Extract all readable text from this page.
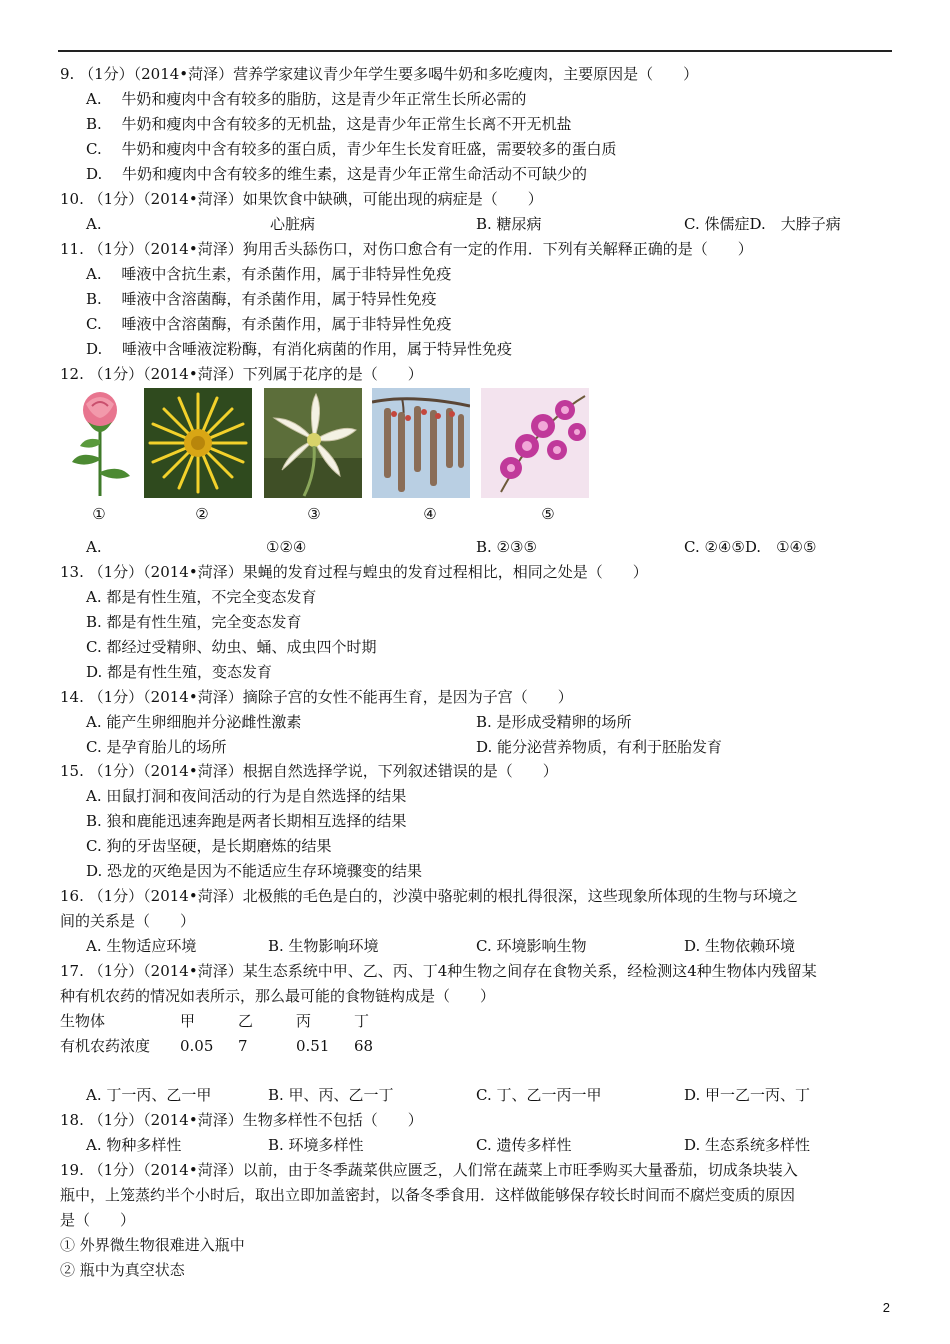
9. （1分）（2014•菏泽）营养学家建议青少年学生要多喝牛奶和多吃瘦肉，主要原因是（　　）
A.　 牛奶和瘦肉中含有较多的脂肪，这是青少年正常生长所必需的
B.　 牛奶和瘦肉中含有较多的无机盐，这是青少年正常生长离不开无机盐
C.　 牛奶和瘦肉中含有较多的蛋白质，青少年生长发育旺盛，需要较多的蛋白质
D.　 牛奶和瘦肉中含有较多的维生素，这是青少年正常生命活动不可缺少的
10. （1分）（2014•菏泽）如果饮食中缺碘，可能出现的病症是（　　）
A.	心脏病	B. 糖尿病	C. 侏儒症D.　大脖子病
11. （1分）（2014•菏泽）狗用舌头舔伤口，对伤口愈合有一定的作用．下列有关解释正确的是（　　）
A.　 唾液中含抗生素，有杀菌作用，属于非特异性免疫
B.　 唾液中含溶菌酶，有杀菌作用，属于特异性免疫
C.　 唾液中含溶菌酶，有杀菌作用，属于非特异性免疫
D.　 唾液中含唾液淀粉酶，有消化病菌的作用，属于特异性免疫
12. （1分）（2014•菏泽）下列属于花序的是（　　）
①	②	③	④	⑤
A.	①②④	B. ②③⑤	C. ②④⑤D.　①④⑤
13. （1分）（2014•菏泽）果蝇的发育过程与蝗虫的发育过程相比，相同之处是（　　）
A. 都是有性生殖，不完全变态发育
B. 都是有性生殖，完全变态发育
C. 都经过受精卵、幼虫、蛹、成虫四个时期
D. 都是有性生殖，变态发育
14. （1分）（2014•菏泽）摘除子宫的女性不能再生育，是因为子宫（　　）
A. 能产生卵细胞并分泌雌性激素	B. 是形成受精卵的场所
C. 是孕育胎儿的场所	D. 能分泌营养物质，有利于胚胎发育
15. （1分）（2014•菏泽）根据自然选择学说，下列叙述错误的是（　　）
A. 田鼠打洞和夜间活动的行为是自然选择的结果
B. 狼和鹿能迅速奔跑是两者长期相互选择的结果
C. 狗的牙齿坚硬，是长期磨炼的结果
D. 恐龙的灭绝是因为不能适应生存环境骤变的结果
16. （1分）（2014•菏泽）北极熊的毛色是白的，沙漠中骆驼刺的根扎得很深，这些现象所体现的生物与环境之
间的关系是（　　）
A. 生物适应环境	B. 生物影响环境	C. 环境影响生物	D. 生物依赖环境
17. （1分）（2014•菏泽）某生态系统中甲、乙、丙、丁4种生物之间存在食物关系，经检测这4种生物体内残留某
种有机农药的情况如表所示，那么最可能的食物链构成是（　　）
生物体	甲	乙	丙	丁
有机农药浓度 0.05 7	0.51 68
A. 丁一丙、乙一甲	B. 甲、丙、乙一丁	C. 丁、乙一丙一甲	D. 甲一乙一丙、丁
18. （1分）（2014•菏泽）生物多样性不包括（　　）
A. 物种多样性	B. 环境多样性	C. 遗传多样性	D. 生态系统多样性
19. （1分）（2014•菏泽）以前，由于冬季蔬菜供应匮乏，人们常在蔬菜上市旺季购买大量番茄，切成条块装入
瓶中，上笼蒸约半个小时后，取出立即加盖密封，以备冬季食用．这样做能够保存较长时间而不腐烂变质的原因
是（　　）
① 外界微生物很难进入瓶中
② 瓶中为真空状态
2
